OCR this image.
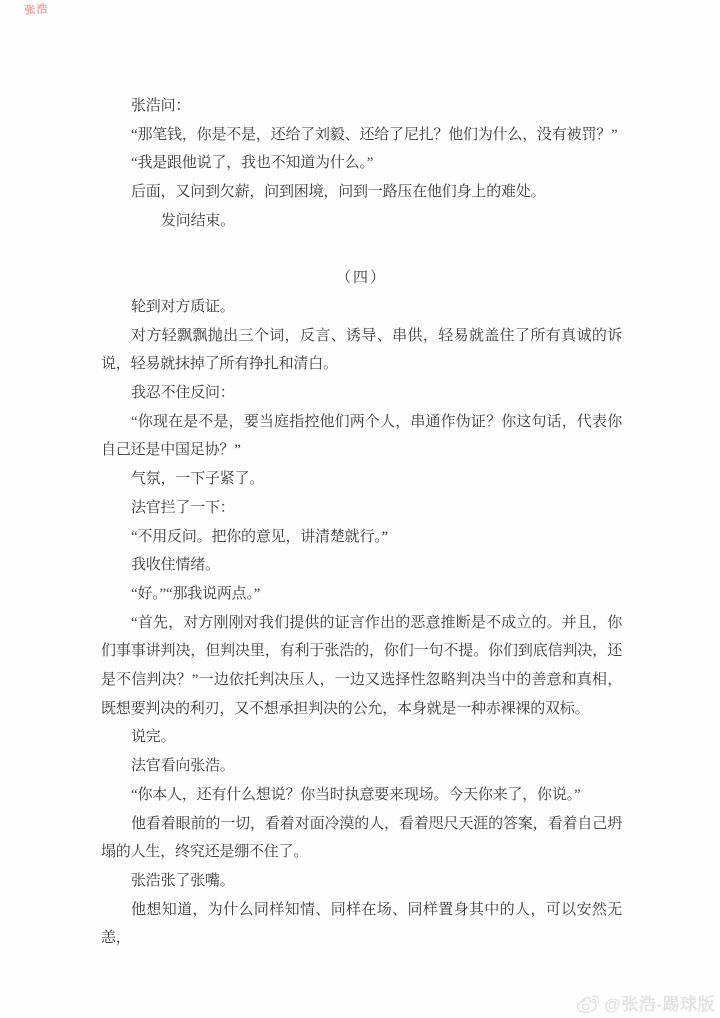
张浩

张浩问：

“那笔钱，你是不是，还给了刘毅、还给了尼扎？他们为什么，没有被罚？”

“我是跟他说了，我也不知道为什么。”

后面，又问到欠薪，问到困境，问到一路压在他们身上的难处。

发问结束。

（四）

轮到对方质证。

对方轻飘飘抛出三个词，反言、诱导、串供，轻易就盖住了所有真诚的诉说，轻易就抹掉了所有挣扎和清白。

我忍不住反问：

“你现在是不是，要当庭指控他们两个人，串通作伪证？你这句话，代表你自己还是中国足协？”

气氛，一下子紧了。

法官拦了一下：

“不用反问。把你的意见，讲清楚就行。”

我收住情绪。

“好。”“那我说两点。”

“首先，对方刚刚对我们提供的证言作出的恶意推断是不成立的。并且，你们事事讲判决，但判决里，有利于张浩的，你们一句不提。你们到底信判决，还是不信判决？”一边依托判决压人，一边又选择性忽略判决当中的善意和真相，既想要判决的利刃，又不想承担判决的公允，本身就是一种赤裸裸的双标。

说完。

法官看向张浩。

“你本人，还有什么想说？你当时执意要来现场。今天你来了，你说。”

他看着眼前的一切，看着对面冷漠的人，看着咫尺天涯的答案，看着自己坍塌的人生，终究还是绷不住了。

张浩张了张嘴。

他想知道，为什么同样知情、同样在场、同样置身其中的人，可以安然无恙，

@张浩-踢球版
